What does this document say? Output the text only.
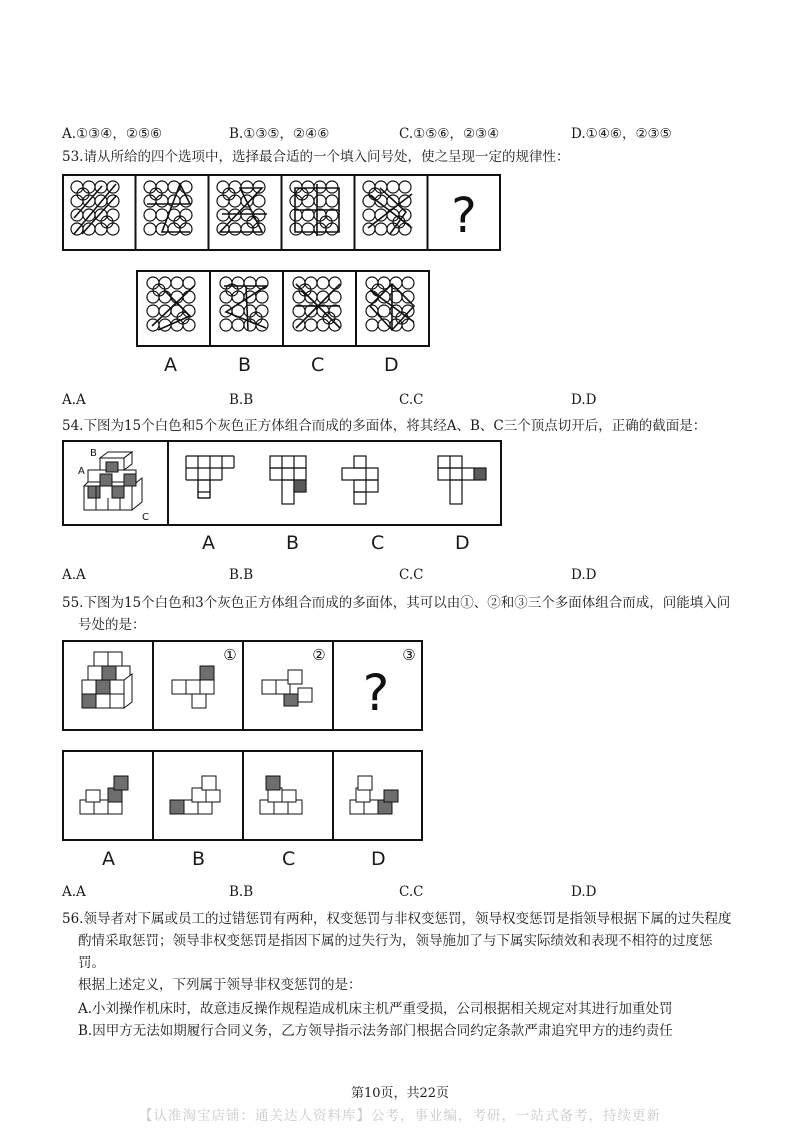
A.①③④，②⑤⑥	B.①③⑤，②④⑥	C.①⑤⑥，②③④	D.①④⑥，②③⑤
53.请从所给的四个选项中，选择最合适的一个填入问号处，使之呈现一定的规律性：
?
A	B	C	D
A.A	B.B	C.C	D.D
54.下图为15个白色和5个灰色正方体组合而成的多面体，将其经A、B、C三个顶点切开后，正确的截面是：
A
B
C
A	B	C	D
A.A	B.B	C.C	D.D
55.下图为15个白色和3个灰色正方体组合而成的多面体，其可以由①、②和③三个多面体组合而成，问能填入问
号处的是：
①	②	③
?
A	B	C	D
A.A	B.B	C.C	D.D
56.领导者对下属或员工的过错惩罚有两种，权变惩罚与非权变惩罚，领导权变惩罚是指领导根据下属的过失程度
酌情采取惩罚；领导非权变惩罚是指因下属的过失行为，领导施加了与下属实际绩效和表现不相符的过度惩
罚。
根据上述定义，下列属于领导非权变惩罚的是：
A.小刘操作机床时，故意违反操作规程造成机床主机严重受损，公司根据相关规定对其进行加重处罚
B.因甲方无法如期履行合同义务，乙方领导指示法务部门根据合同约定条款严肃追究甲方的违约责任
第10页，共22页
【认准淘宝店铺：通关达人资料库】公考，事业编，考研，一站式备考，持续更新
